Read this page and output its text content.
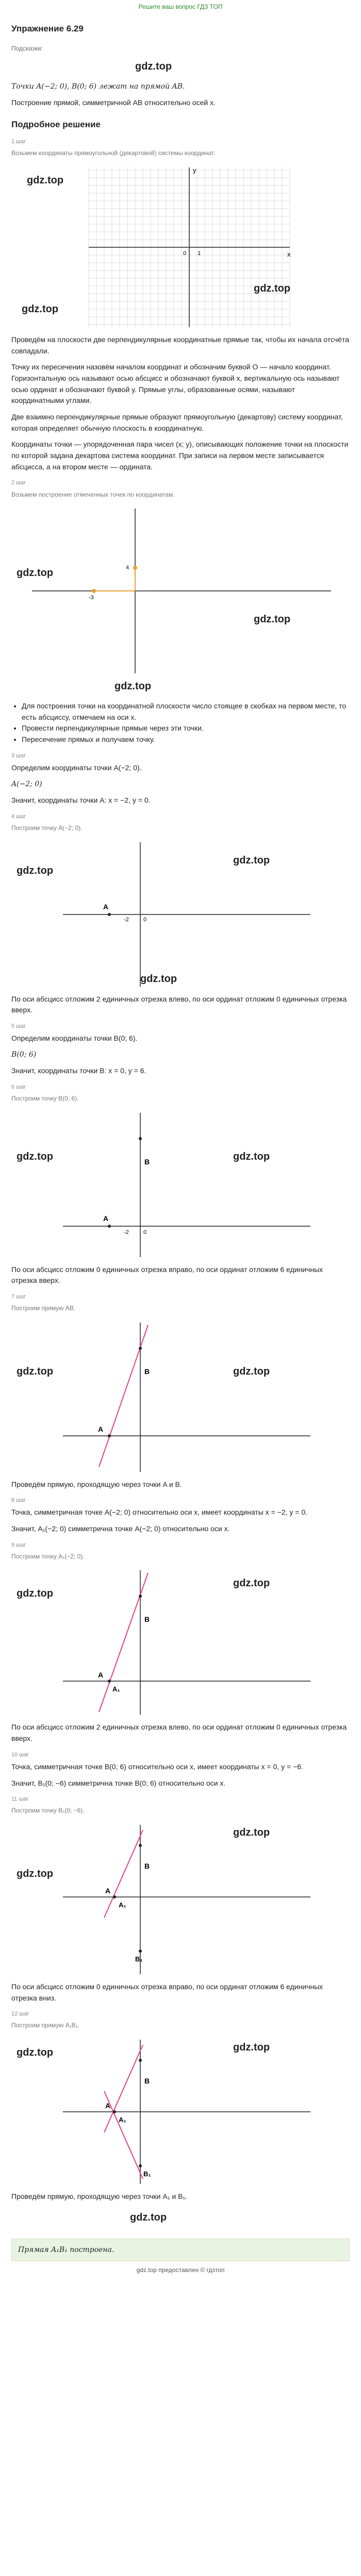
Решите ваш вопрос ГДЗ ТОП
Упражнение 6.29

Подсказки:

gdz.top

Точки A(−2; 0), B(0; 6) лежат на прямой AB.

Построение прямой, симметричной AB относительно осей x.

Подробное решение
1 шаг

Возьмем координаты прямоугольной (декартовой) системы координат.

gdz.top
gdz.top
gdz.top
x
y
0 1

Проведём на плоскости две перпендикулярные координатные прямые так, чтобы их начала отсчёта совпадали.

Точку их пересечения назовём началом координат и обозначим буквой O — начало координат. Горизонтальную ось называют осью абсцисс и обозначают буквой x, вертикальную ось называют осью ординат и обозначают буквой y. Прямые углы, образованные осями, называют координатными углами.

Две взаимно перпендикулярные прямые образуют прямоугольную (декартову) систему координат, которая определяет обычную плоскость в координатную.

Координаты точки — упорядоченная пара чисел (x; y), описывающих положение точки на плоскости по которой задана декартова система координат. При записи на первом месте записывается абсцисса, а на втором месте — ордината.

2 шаг

Возьмем построение отмеченных точек по координатам.

gdz.top
gdz.top
4
-3
gdz.top
• Для построения точки на координатной плоскости число стоящее в скобках на первом месте, то есть абсциссу, отмечаем на оси x.
• Провести перпендикулярные прямые через эти точки.
• Пересечение прямых и получаем точку.
3 шаг

Определим координаты точки A(−2; 0).

A(−2; 0)

Значит, координаты точки A: x = −2, y = 0.

4 шаг

Построим точку A(−2; 0).

gdz.top
gdz.top
gdz.top
A
-2	0

По оси абсцисс отложим 2 единичных отрезка влево, по оси ординат отложим 0 единичных отрезка вверх.

5 шаг

Определим координаты точки B(0; 6).

B(0; 6)

Значит, координаты точки B: x = 0, y = 6.

6 шаг

Построим точку B(0; 6).

gdz.top	gdz.top
A
B
-2	0

По оси абсцисс отложим 0 единичных отрезка вправо, по оси ординат отложим 6 единичных отрезка вверх.

7 шаг

Построим прямую AB.

gdz.top	gdz.top
A
B

Проведём прямую, проходящую через точки A и B.

8 шаг

Точка, симметричная точке A(−2; 0) относительно оси x, имеет координаты x = −2, y = 0.

Значит, A₁(−2; 0) симметрична точке A(−2; 0) относительно оси x.

9 шаг

Построим точку A₁(−2; 0).

gdz.top
gdz.top
A
A₁
B

По оси абсцисс отложим 2 единичных отрезка влево, по оси ординат отложим 0 единичных отрезка вверх.

10 шаг

Точка, симметричная точке B(0; 6) относительно оси x, имеет координаты x = 0, y = −6.

Значит, B₁(0; −6) симметрична точке B(0; 6) относительно оси x.

11 шаг

Построим точку B₁(0; −6).

gdz.top
gdz.top
A
A₁
B
B₁

По оси абсцисс отложим 0 единичных отрезка вправо, по оси ординат отложим 6 единичных отрезка вниз.

12 шаг

Построим прямую A₁B₁.

gdz.top	gdz.top
A
A₁
B
B₁

Проведём прямую, проходящую через точки A₁ и B₁.

gdz.top
Прямая A₁B₁ построена.
gdz.top предоставлен © гдзтоп
